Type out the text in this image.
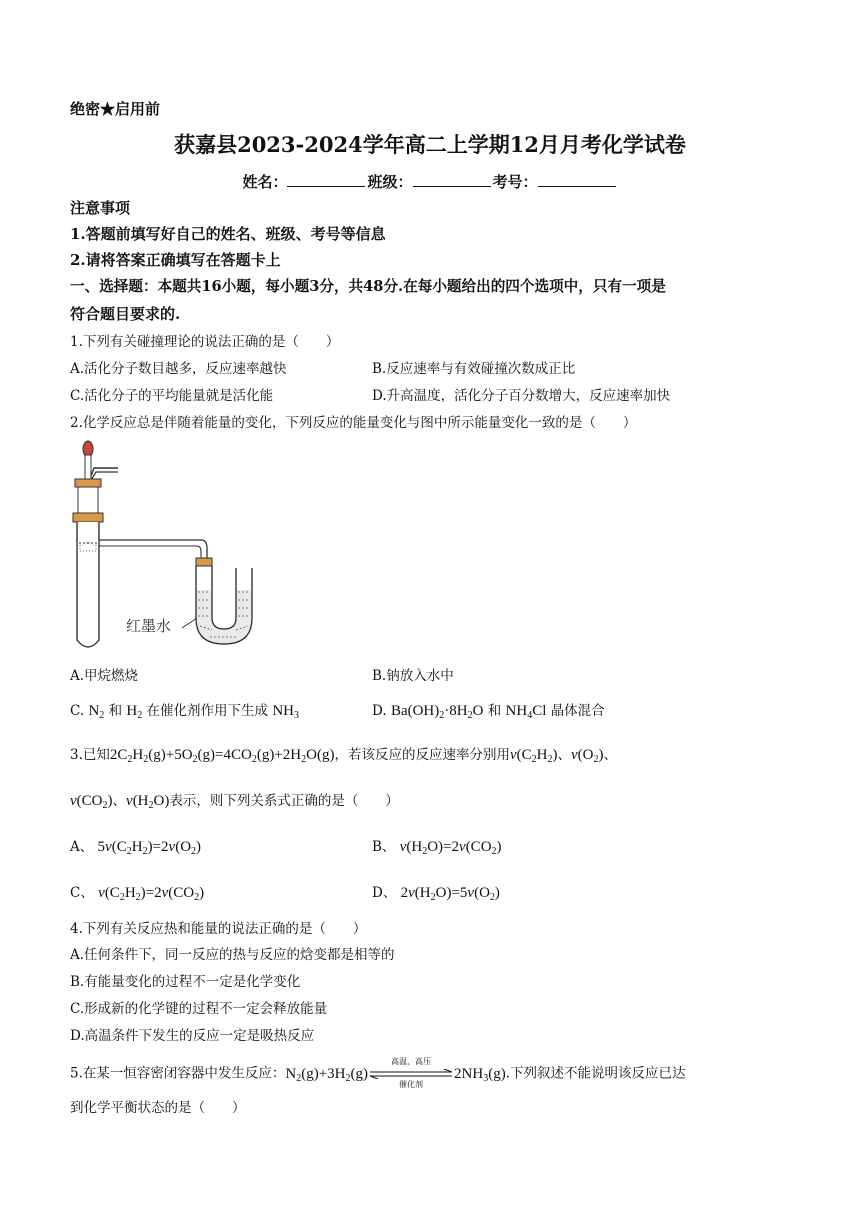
绝密★启用前
获嘉县2023-2024学年高二上学期12月月考化学试卷
姓名：	班级：	考号：
注意事项
1.答题前填写好自己的姓名、班级、考号等信息
2.请将答案正确填写在答题卡上
一、选择题：本题共16小题，每小题3分，共48分.在每小题给出的四个选项中，只有一项是
符合题目要求的.
1.下列有关碰撞理论的说法正确的是（　　）
A.活化分子数目越多，反应速率越快	B.反应速率与有效碰撞次数成正比
C.活化分子的平均能量就是活化能	D.升高温度，活化分子百分数增大，反应速率加快
2.化学反应总是伴随着能量的变化，下列反应的能量变化与图中所示能量变化一致的是（　　）
红墨水
A.甲烷燃烧	B.钠放入水中
C. $N_2$ 和 $H_2$ 在催化剂作用下生成 $NH_3$	D. $Ba(OH)_2\cdot 8H_2O$ 和 $NH_4Cl$ 晶体混合
3.已知$2C_2H_2(g)+5O_2(g)=4CO_2(g)+2H_2O(g)$，若该反应的反应速率分别用$v(C_2H_2)$、$v(O_2)$、
$v(CO_2)$、$v(H_2O)$表示，则下列关系式正确的是（　　）
A、 $5v(C_2H_2)=2v(O_2)$	B、 $v(H_2O)=2v(CO_2)$
C、 $v(C_2H_2)=2v(CO_2)$	D、 $2v(H_2O)=5v(O_2)$
4.下列有关反应热和能量的说法正确的是（　　）
A.任何条件下，同一反应的热与反应的焓变都是相等的
B.有能量变化的过程不一定是化学变化
C.形成新的化学键的过程不一定会释放能量
D.高温条件下发生的反应一定是吸热反应
5.在某一恒容密闭容器中发生反应：$N_2(g)+3H_2(g)$
高温、高压
催化剂
$2NH_3(g)$.下列叙述不能说明该反应已达
到化学平衡状态的是（　　）
